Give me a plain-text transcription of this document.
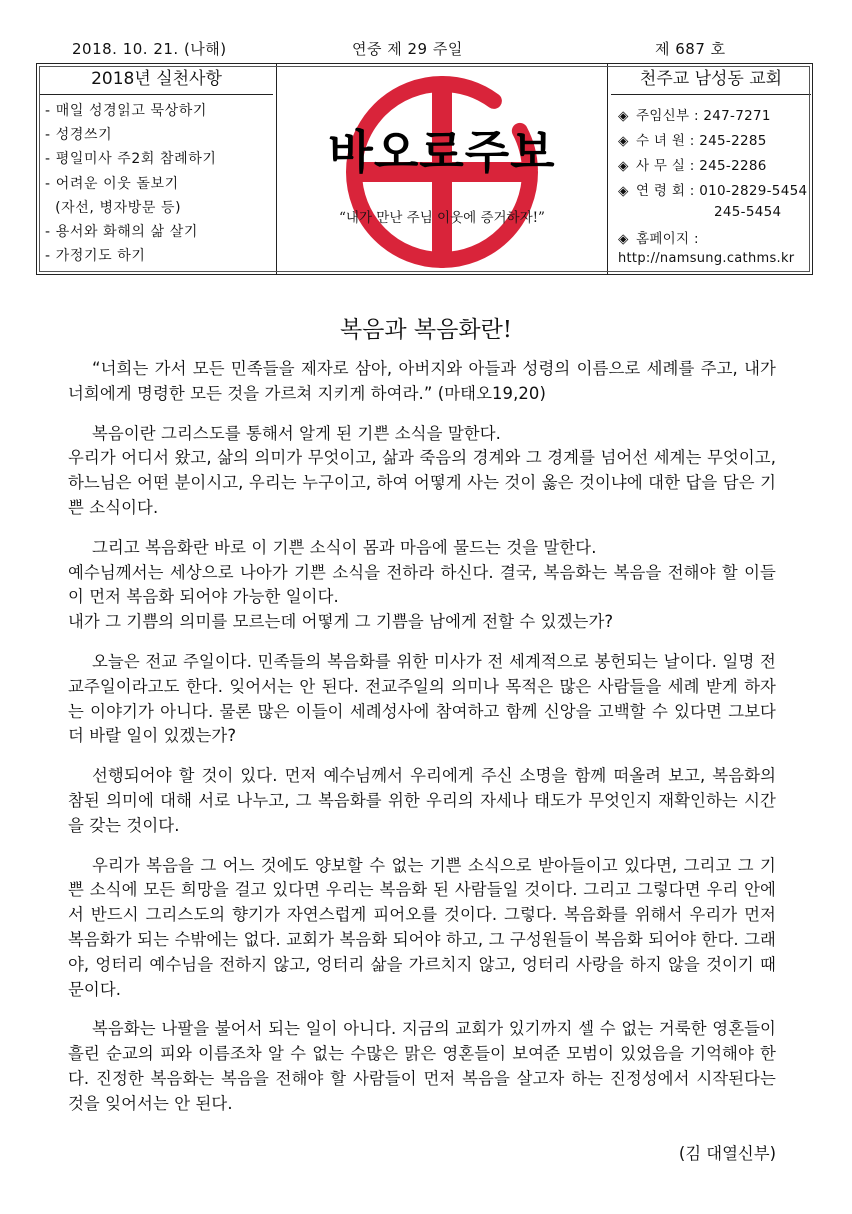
2018. 10. 21. (나해)	연중 제 29 주일	제 687 호
2018년 실천사항
- 매일 성경읽고 묵상하기
- 성경쓰기
- 평일미사 주2회 참례하기
- 어려운 이웃 돌보기
(자선, 병자방문 등)
- 용서와 화해의 삶 살기
- 가정기도 하기
바오로주보
“내가 만난 주님 이웃에 증거하자!”
천주교 남성동 교회
◈ 주임신부 : 247-7271
◈ 수 녀 원 : 245-2285
◈ 사 무 실 : 245-2286
◈ 연 령 회 : 010-2829-5454
245-5454
◈ 홈페이지 :
http://namsung.cathms.kr
복음과 복음화란!

“너희는 가서 모든 민족들을 제자로 삼아, 아버지와 아들과 성령의 이름으로 세례를 주고, 내가 너희에게 명령한 모든 것을 가르쳐 지키게 하여라.” (마태오19,20)

복음이란 그리스도를 통해서 알게 된 기쁜 소식을 말한다.

우리가 어디서 왔고, 삶의 의미가 무엇이고, 삶과 죽음의 경계와 그 경계를 넘어선 세계는 무엇이고, 하느님은 어떤 분이시고, 우리는 누구이고, 하여 어떻게 사는 것이 옳은 것이냐에 대한 답을 담은 기쁜 소식이다.

그리고 복음화란 바로 이 기쁜 소식이 몸과 마음에 물드는 것을 말한다.

예수님께서는 세상으로 나아가 기쁜 소식을 전하라 하신다. 결국, 복음화는 복음을 전해야 할 이들이 먼저 복음화 되어야 가능한 일이다.

내가 그 기쁨의 의미를 모르는데 어떻게 그 기쁨을 남에게 전할 수 있겠는가?

오늘은 전교 주일이다. 민족들의 복음화를 위한 미사가 전 세계적으로 봉헌되는 날이다. 일명 전교주일이라고도 한다. 잊어서는 안 된다. 전교주일의 의미나 목적은 많은 사람들을 세례 받게 하자는 이야기가 아니다. 물론 많은 이들이 세례성사에 참여하고 함께 신앙을 고백할 수 있다면 그보다 더 바랄 일이 있겠는가?

선행되어야 할 것이 있다. 먼저 예수님께서 우리에게 주신 소명을 함께 떠올려 보고, 복음화의 참된 의미에 대해 서로 나누고, 그 복음화를 위한 우리의 자세나 태도가 무엇인지 재확인하는 시간을 갖는 것이다.

우리가 복음을 그 어느 것에도 양보할 수 없는 기쁜 소식으로 받아들이고 있다면, 그리고 그 기쁜 소식에 모든 희망을 걸고 있다면 우리는 복음화 된 사람들일 것이다. 그리고 그렇다면 우리 안에서 반드시 그리스도의 향기가 자연스럽게 피어오를 것이다. 그렇다. 복음화를 위해서 우리가 먼저 복음화가 되는 수밖에는 없다. 교회가 복음화 되어야 하고, 그 구성원들이 복음화 되어야 한다. 그래야, 엉터리 예수님을 전하지 않고, 엉터리 삶을 가르치지 않고, 엉터리 사랑을 하지 않을 것이기 때문이다.

복음화는 나팔을 불어서 되는 일이 아니다. 지금의 교회가 있기까지 셀 수 없는 거룩한 영혼들이 흘린 순교의 피와 이름조차 알 수 없는 수많은 맑은 영혼들이 보여준 모범이 있었음을 기억해야 한다. 진정한 복음화는 복음을 전해야 할 사람들이 먼저 복음을 살고자 하는 진정성에서 시작된다는 것을 잊어서는 안 된다.

(김 대열신부)
